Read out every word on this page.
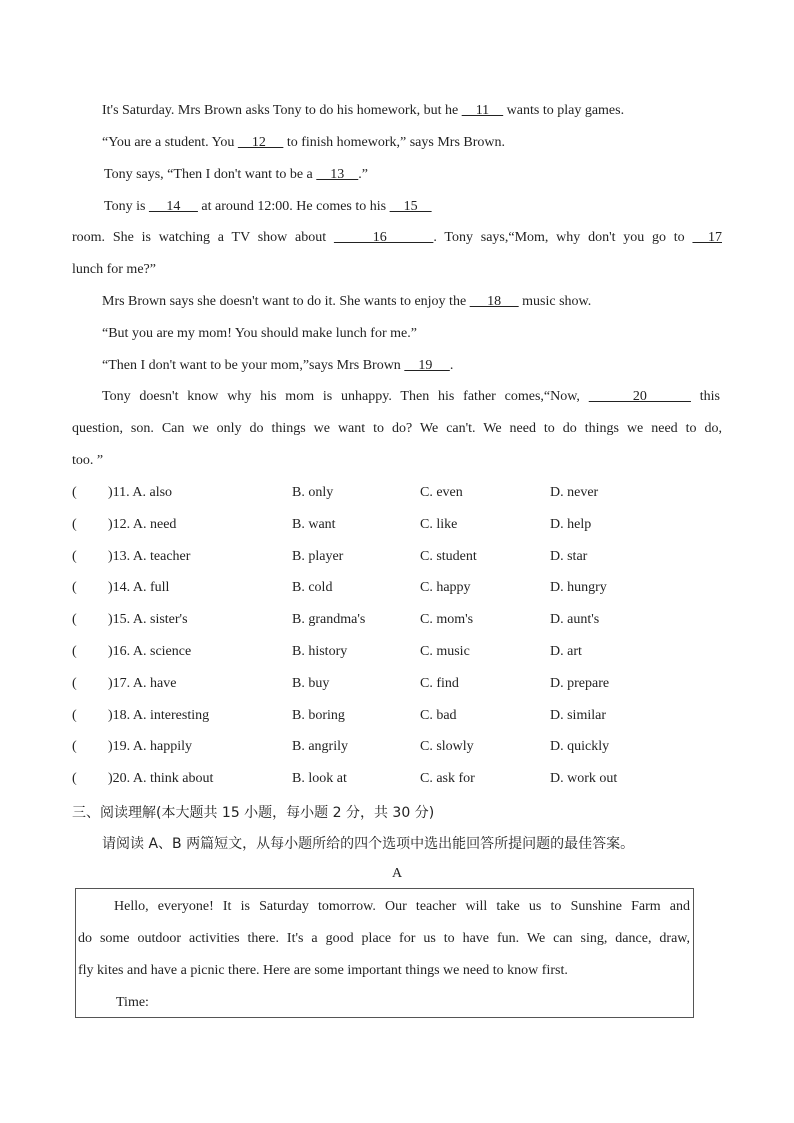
It's Saturday. Mrs Brown asks Tony to do his homework, but he     11     wants to play games.
“You are a student. You     12      to finish homework,” says Mrs Brown.
Tony says, “Then I don't want to be a     13    .”
Tony is      14      at around 12:00. He comes to his     15
room. She is watching a TV show about      16      . Tony says,“Mom, why don't you go to   17
lunch for me?”
Mrs Brown says she doesn't want to do it. She wants to enjoy the      18      music show.
“But you are my mom! You should make lunch for me.”
“Then I don't want to be your mom,”says Mrs Brown     19     .
Tony doesn't know why his mom is unhappy. Then his father comes,“Now,      20      this
question, son. Can we only do things we want to do? We can't. We need to do things we need to do,
too. ”
( )11. A. also	B. only	C. even	D. never
( )12. A. need	B. want	C. like	D. help
( )13. A. teacher	B. player	C. student	D. star
( )14. A. full	B. cold	C. happy	D. hungry
( )15. A. sister's	B. grandma's	C. mom's	D. aunt's
( )16. A. science	B. history	C. music	D. art
( )17. A. have	B. buy	C. find	D. prepare
( )18. A. interesting	B. boring	C. bad	D. similar
( )19. A. happily	B. angrily	C. slowly	D. quickly
( )20. A. think about	B. look at	C. ask for	D. work out
三、阅读理解(本大题共 15 小题，每小题 2 分，共 30 分)
请阅读 A、B 两篇短文，从每小题所给的四个选项中选出能回答所提问题的最佳答案。
A
Hello, everyone! It is Saturday tomorrow. Our teacher will take us to Sunshine Farm and
do some outdoor activities there. It's a good place for us to have fun. We can sing, dance, draw,
fly kites and have a picnic there. Here are some important things we need to know first.
Time:
